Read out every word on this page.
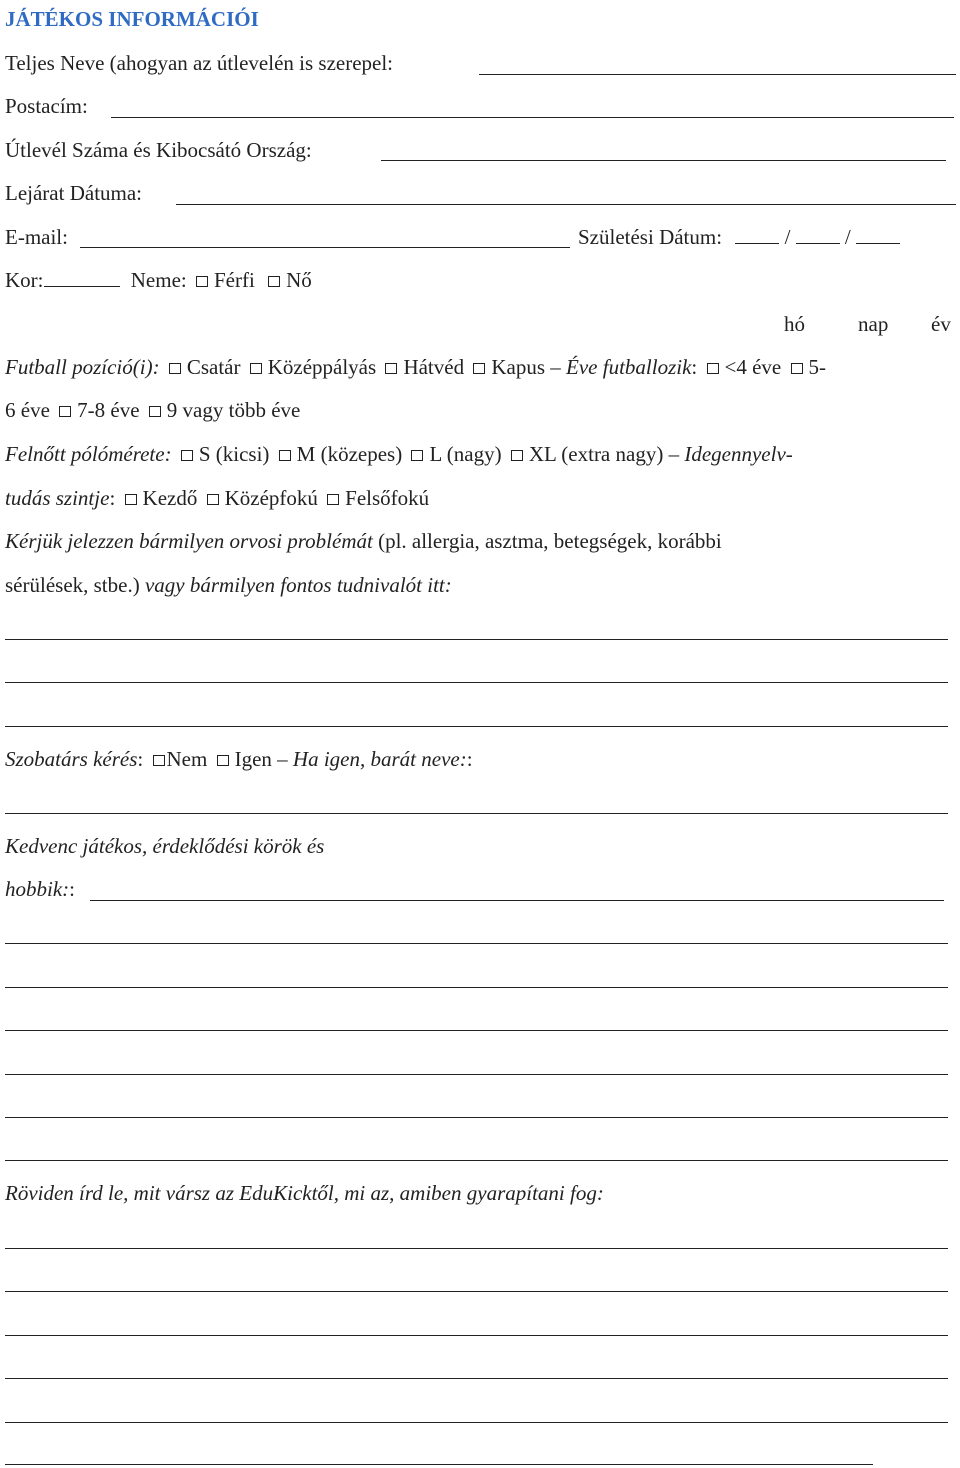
JÁTÉKOS INFORMÁCIÓI
Teljes Neve (ahogyan az útlevelén is szerepel:
Postacím:
Útlevél Száma és Kibocsátó Ország:
Lejárat Dátuma:
E-mail:	Születési Dátum:	/	/
Kor:	Neme: Férfi Nő
hó	nap év
Futball pozíció(i): Csatár Középpályás Hátvéd Kapus – Éve futballozik: <4 éve 5-
6 éve 7-8 éve 9 vagy több éve
Felnőtt pólómérete: S (kicsi) M (közepes) L (nagy) XL (extra nagy) – Idegennyelv-
tudás szintje: Kezdő Középfokú Felsőfokú
Kérjük jelezzen bármilyen orvosi problémát (pl. allergia, asztma, betegségek, korábbi
sérülések, stbe.) vagy bármilyen fontos tudnivalót itt:
Szobatárs kérés: Nem Igen – Ha igen, barát neve::
Kedvenc játékos, érdeklődési körök és
hobbik::
Röviden írd le, mit vársz az EduKicktől, mi az, amiben gyarapítani fog:
